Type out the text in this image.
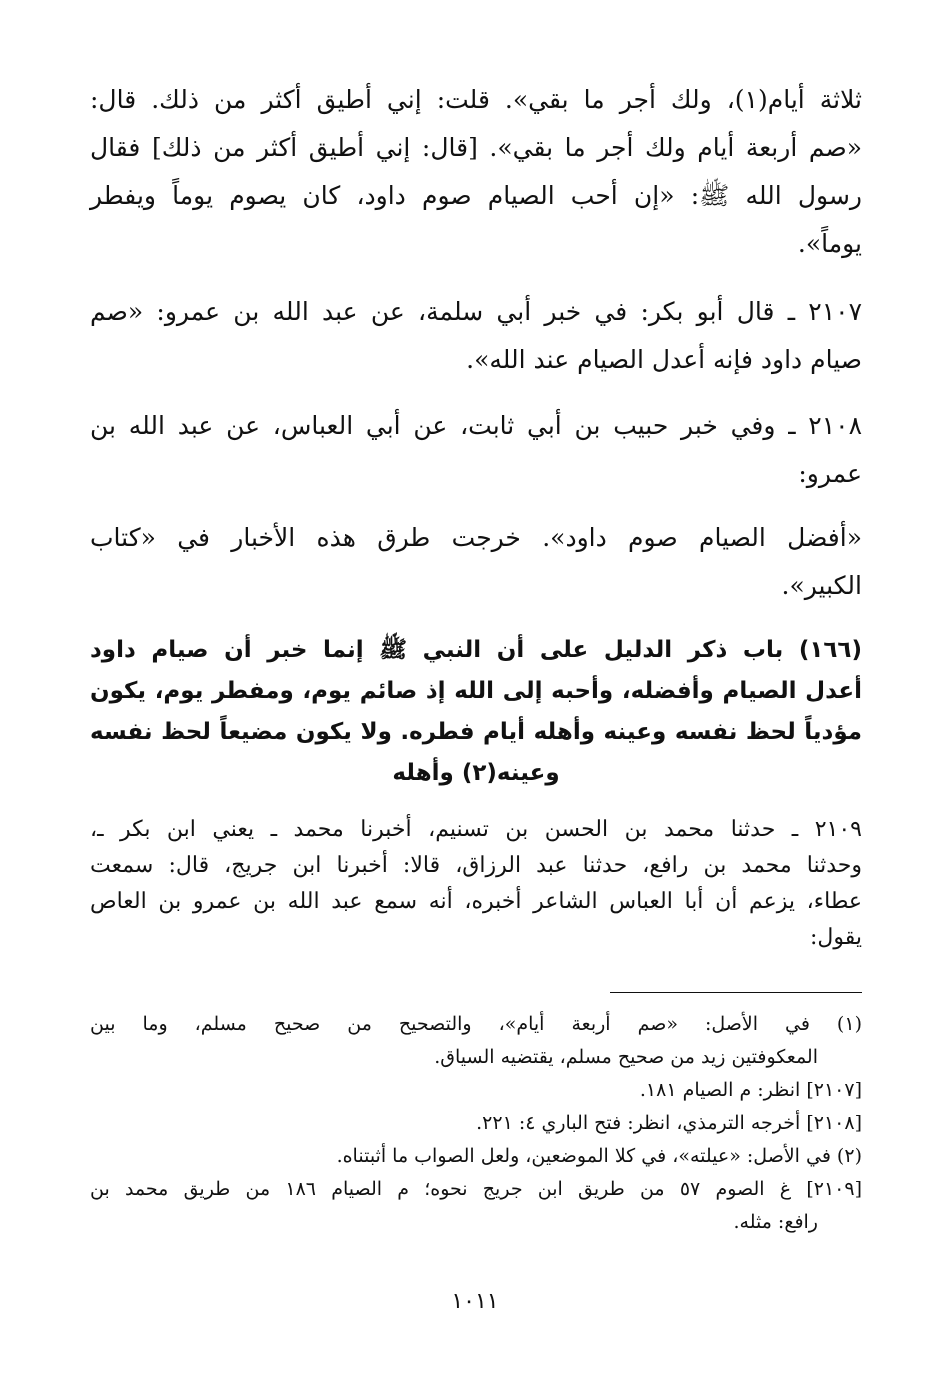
ثلاثة أيام(١)، ولك أجر ما بقي». قلت: إني أطيق أكثر من ذلك. قال:
«صم أربعة أيام ولك أجر ما بقي». [قال: إني أطيق أكثر من ذلك] فقال
رسول الله ﷺ: «إن أحب الصيام صوم داود، كان يصوم يوماً ويفطر
يوماً».
٢١٠٧ ـ قال أبو بكر: في خبر أبي سلمة، عن عبد الله بن عمرو: «صم
صيام داود فإنه أعدل الصيام عند الله».
٢١٠٨ ـ وفي خبر حبيب بن أبي ثابت، عن أبي العباس، عن عبد الله بن
عمرو:
«أفضل الصيام صوم داود». خرجت طرق هذه الأخبار في «كتاب
الكبير».
(١٦٦) باب ذكر الدليل على أن النبي ﷺ إنما خبر أن صيام داود
أعدل الصيام وأفضله، وأحبه إلى الله إذ صائم يوم، ومفطر يوم، يكون
مؤدياً لحظ نفسه وعينه وأهله أيام فطره. ولا يكون مضيعاً لحظ نفسه
وعينه(٢) وأهله
٢١٠٩ ـ حدثنا محمد بن الحسن بن تسنيم، أخبرنا محمد ـ يعني ابن بكر ـ،
وحدثنا محمد بن رافع، حدثنا عبد الرزاق، قالا: أخبرنا ابن جريج، قال: سمعت
عطاء، يزعم أن أبا العباس الشاعر أخبره، أنه سمع عبد الله بن عمرو بن العاص
يقول:
(١) في الأصل: «صم أربعة أيام»، والتصحيح من صحيح مسلم، وما بين
المعكوفتين زيد من صحيح مسلم، يقتضيه السياق.
[٢١٠٧] انظر: م الصيام ١٨١.
[٢١٠٨] أخرجه الترمذي، انظر: فتح الباري ٤: ٢٢١.
(٢) في الأصل: «عيلته»، في كلا الموضعين، ولعل الصواب ما أثبتناه.
[٢١٠٩] غ الصوم ٥٧ من طريق ابن جريج نحوه؛ م الصيام ١٨٦ من طريق محمد بن
رافع: مثله.
١٠١١
